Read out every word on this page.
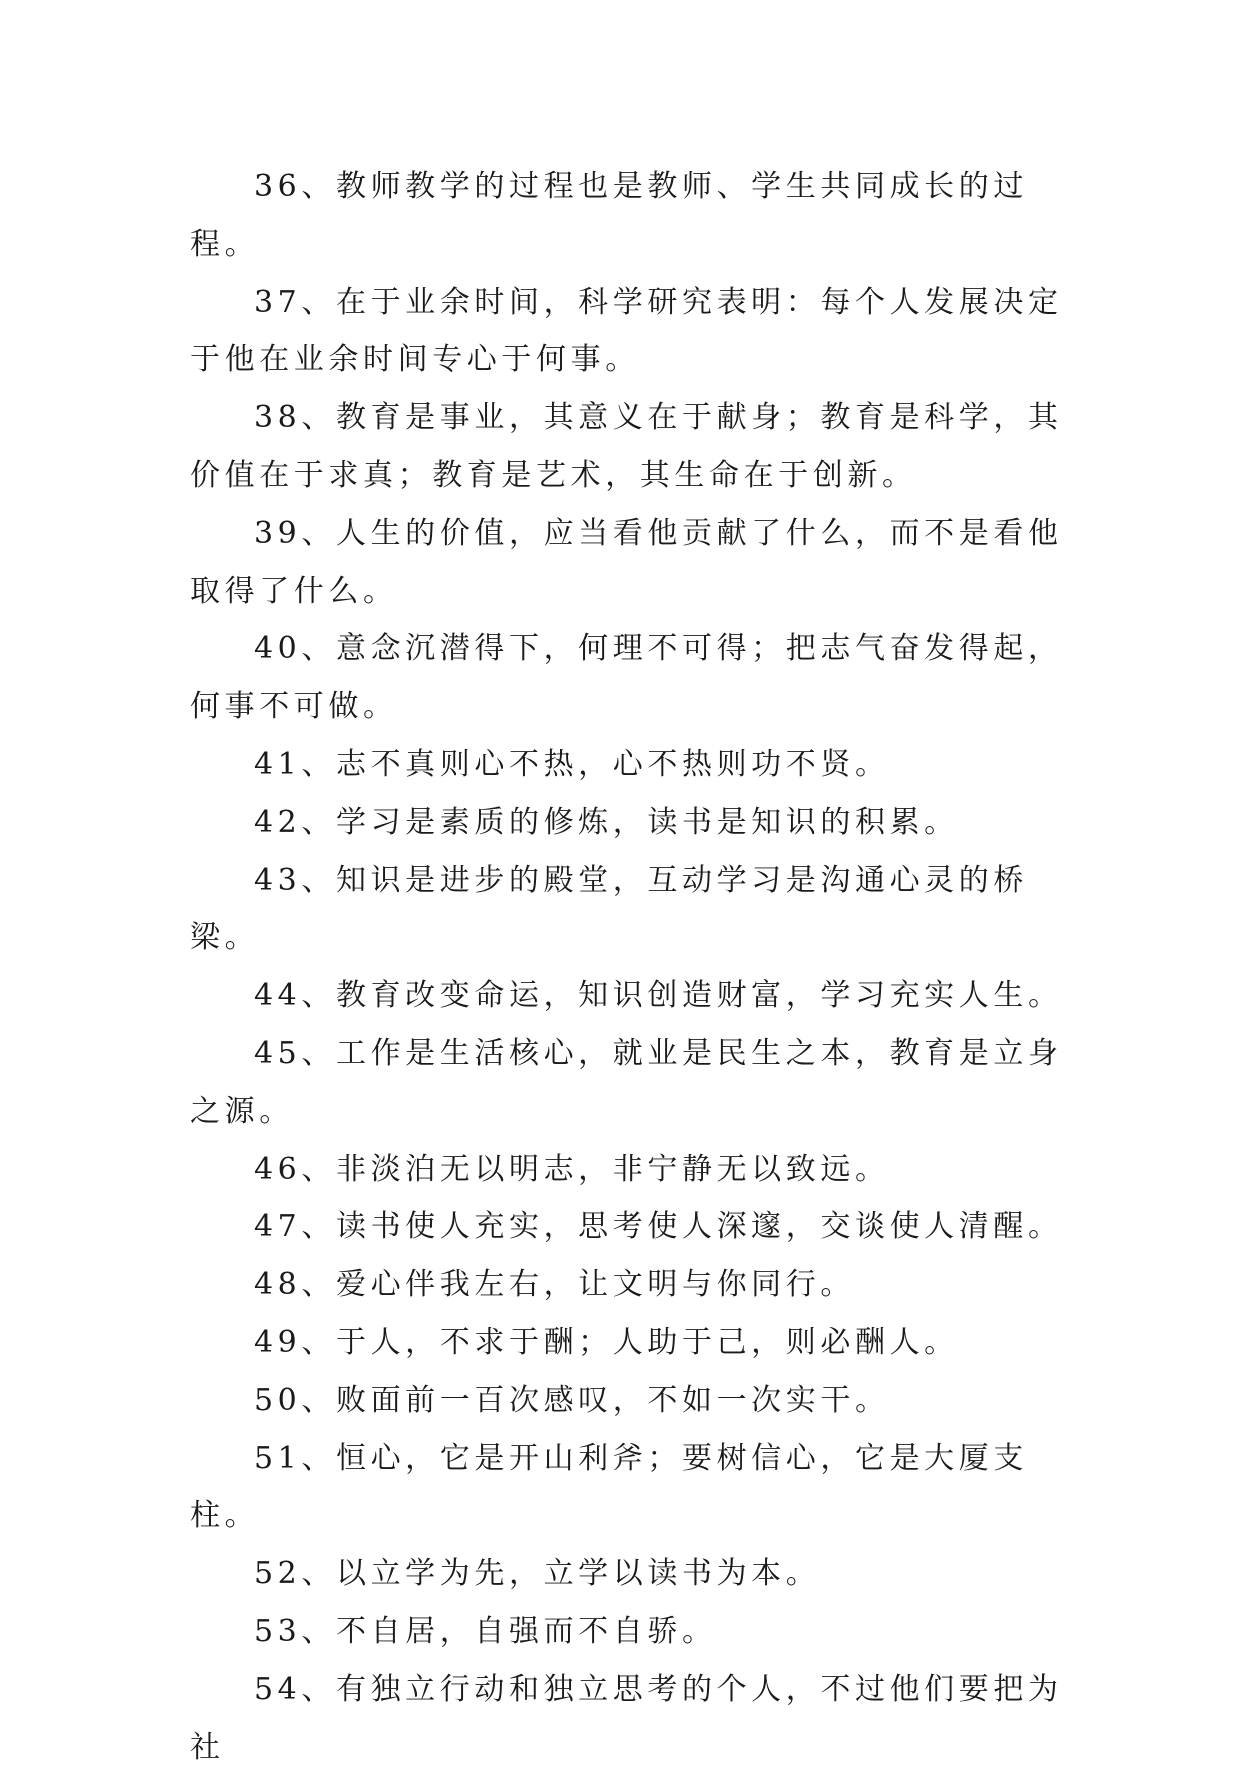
36、教师教学的过程也是教师、学生共同成长的过程。

37、在于业余时间，科学研究表明：每个人发展决定于他在业余时间专心于何事。

38、教育是事业，其意义在于献身；教育是科学，其价值在于求真；教育是艺术，其生命在于创新。

39、人生的价值，应当看他贡献了什么，而不是看他取得了什么。

40、意念沉潜得下，何理不可得；把志气奋发得起，何事不可做。

41、志不真则心不热，心不热则功不贤。

42、学习是素质的修炼，读书是知识的积累。

43、知识是进步的殿堂，互动学习是沟通心灵的桥梁。

44、教育改变命运，知识创造财富，学习充实人生。

45、工作是生活核心，就业是民生之本，教育是立身之源。

46、非淡泊无以明志，非宁静无以致远。

47、读书使人充实，思考使人深邃，交谈使人清醒。

48、爱心伴我左右，让文明与你同行。

49、于人，不求于酬；人助于己，则必酬人。

50、败面前一百次感叹，不如一次实干。

51、恒心，它是开山利斧；要树信心，它是大厦支柱。

52、以立学为先，立学以读书为本。

53、不自居，自强而不自骄。

54、有独立行动和独立思考的个人，不过他们要把为社
